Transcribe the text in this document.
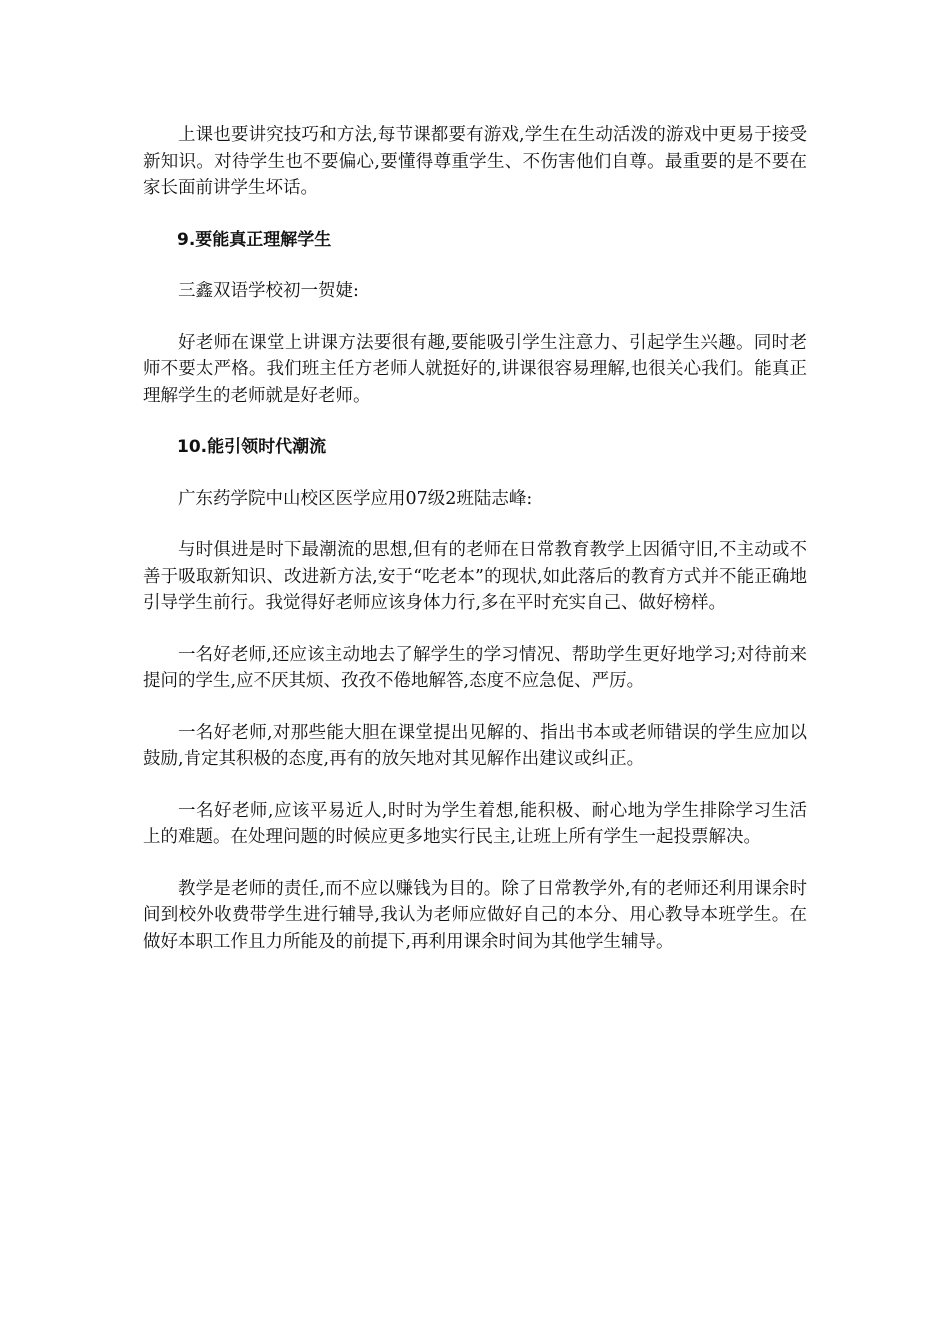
上课也要讲究技巧和方法,每节课都要有游戏,学生在生动活泼的游戏中更易于接受新知识。对待学生也不要偏心,要懂得尊重学生、不伤害他们自尊。最重要的是不要在家长面前讲学生坏话。

9.要能真正理解学生

三鑫双语学校初一贺婕:

好老师在课堂上讲课方法要很有趣,要能吸引学生注意力、引起学生兴趣。同时老师不要太严格。我们班主任方老师人就挺好的,讲课很容易理解,也很关心我们。能真正理解学生的老师就是好老师。

10.能引领时代潮流

广东药学院中山校区医学应用07级2班陆志峰:

与时俱进是时下最潮流的思想,但有的老师在日常教育教学上因循守旧,不主动或不善于吸取新知识、改进新方法,安于“吃老本”的现状,如此落后的教育方式并不能正确地引导学生前行。我觉得好老师应该身体力行,多在平时充实自己、做好榜样。

一名好老师,还应该主动地去了解学生的学习情况、帮助学生更好地学习;对待前来提问的学生,应不厌其烦、孜孜不倦地解答,态度不应急促、严厉。

一名好老师,对那些能大胆在课堂提出见解的、指出书本或老师错误的学生应加以鼓励,肯定其积极的态度,再有的放矢地对其见解作出建议或纠正。

一名好老师,应该平易近人,时时为学生着想,能积极、耐心地为学生排除学习生活上的难题。在处理问题的时候应更多地实行民主,让班上所有学生一起投票解决。

教学是老师的责任,而不应以赚钱为目的。除了日常教学外,有的老师还利用课余时间到校外收费带学生进行辅导,我认为老师应做好自己的本分、用心教导本班学生。在做好本职工作且力所能及的前提下,再利用课余时间为其他学生辅导。
